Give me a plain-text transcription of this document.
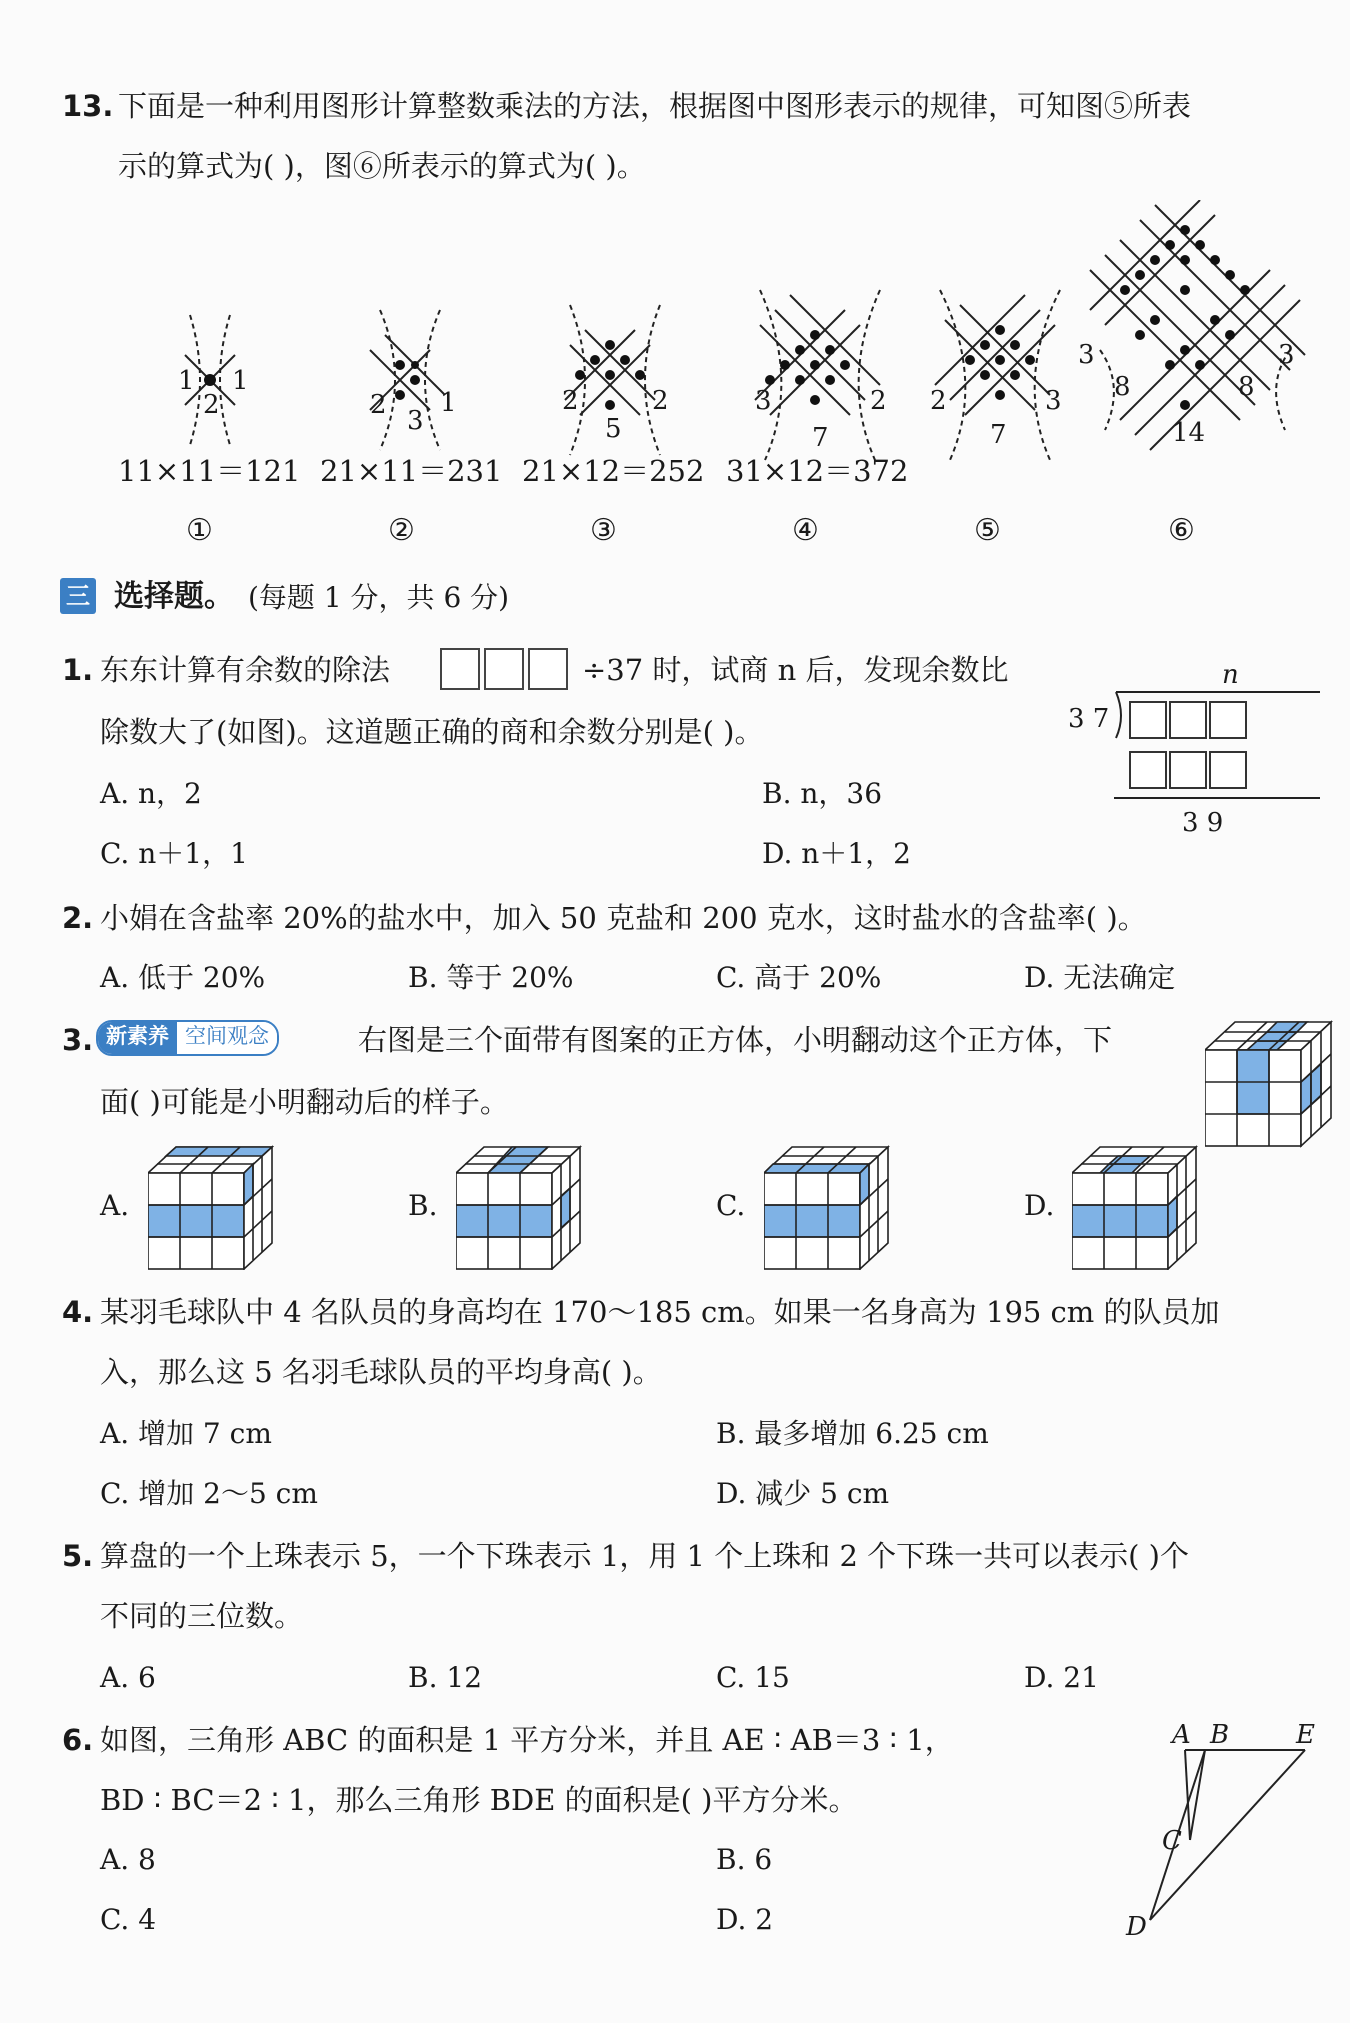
13. 下面是一种利用图形计算整数乘法的方法，根据图中图形表示的规律，可知图⑤所表
示的算式为( )，图⑥所表示的算式为( )。
1 1
2	2 1
3
2	2
5
3	2
7
2	3
7
3	3
8	8
14
11×11＝121 21×11＝231 21×12＝252 31×12＝372
①	②	③	④	⑤	⑥
三 选择题。 (每题 1 分，共 6 分)
1. 东东计算有余数的除法	÷37 时，试商 n 后，发现余数比
除数大了(如图)。这道题正确的商和余数分别是( )。
n
3 7
3 9
A. n，2	B. n，36
C. n＋1，1	D. n＋1，2
2. 小娟在含盐率 20%的盐水中，加入 50 克盐和 200 克水，这时盐水的含盐率( )。
A. 低于 20%	B. 等于 20%	C. 高于 20%	D. 无法确定
3. 新素养 空间观念	右图是三个面带有图案的正方体，小明翻动这个正方体，下
面( )可能是小明翻动后的样子。
A.	B.	C.	D.
4. 某羽毛球队中 4 名队员的身高均在 170～185 cm。如果一名身高为 195 cm 的队员加
入，那么这 5 名羽毛球队员的平均身高( )。
A. 增加 7 cm	B. 最多增加 6.25 cm
C. 增加 2～5 cm	D. 减少 5 cm
5. 算盘的一个上珠表示 5，一个下珠表示 1，用 1 个上珠和 2 个下珠一共可以表示( )个
不同的三位数。
A. 6	B. 12	C. 15	D. 21
6. 如图，三角形 ABC 的面积是 1 平方分米，并且 AE ∶ AB＝3 ∶ 1，
BD ∶ BC＝2 ∶ 1，那么三角形 BDE 的面积是( )平方分米。
A. 8	B. 6
C. 4	D. 2
A B	E
C
D
